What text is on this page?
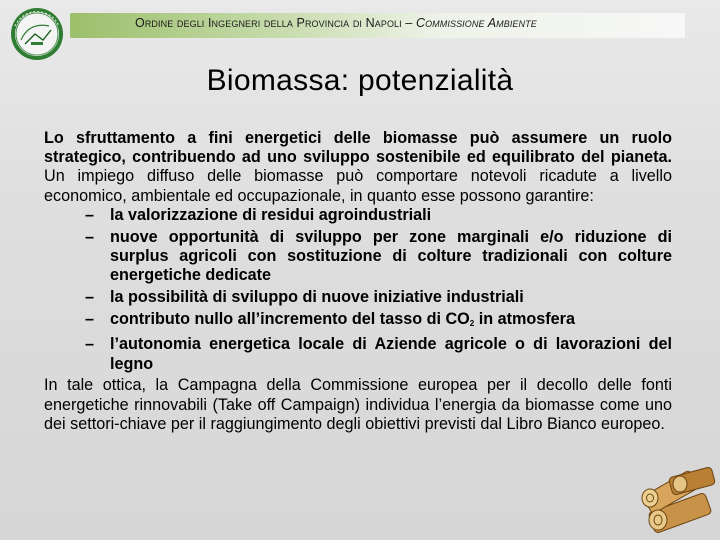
Ordine degli Ingegneri della Provincia di Napoli – Commissione Ambiente
Biomassa: potenzialità

Lo sfruttamento a fini energetici delle biomasse può assumere un ruolo strategico, contribuendo ad uno sviluppo sostenibile ed equilibrato del pianeta. Un impiego diffuso delle biomasse può comportare notevoli ricadute a livello economico, ambientale ed occupazionale, in quanto esse possono garantire:

– la valorizzazione di residui agroindustriali
– nuove opportunità di sviluppo per zone marginali e/o riduzione di surplus agricoli con sostituzione di colture tradizionali con colture energetiche dedicate
– la possibilità di sviluppo di nuove iniziative industriali
– contributo nullo all’incremento del tasso di $CO_2$ in atmosfera
– l’autonomia energetica locale di Aziende agricole o di lavorazioni del legno

In tale ottica, la Campagna della Commissione europea per il decollo delle fonti energetiche rinnovabili (Take off Campaign) individua l’energia da biomasse come uno dei settori-chiave per il raggiungimento degli obiettivi previsti dal Libro Bianco europeo.
